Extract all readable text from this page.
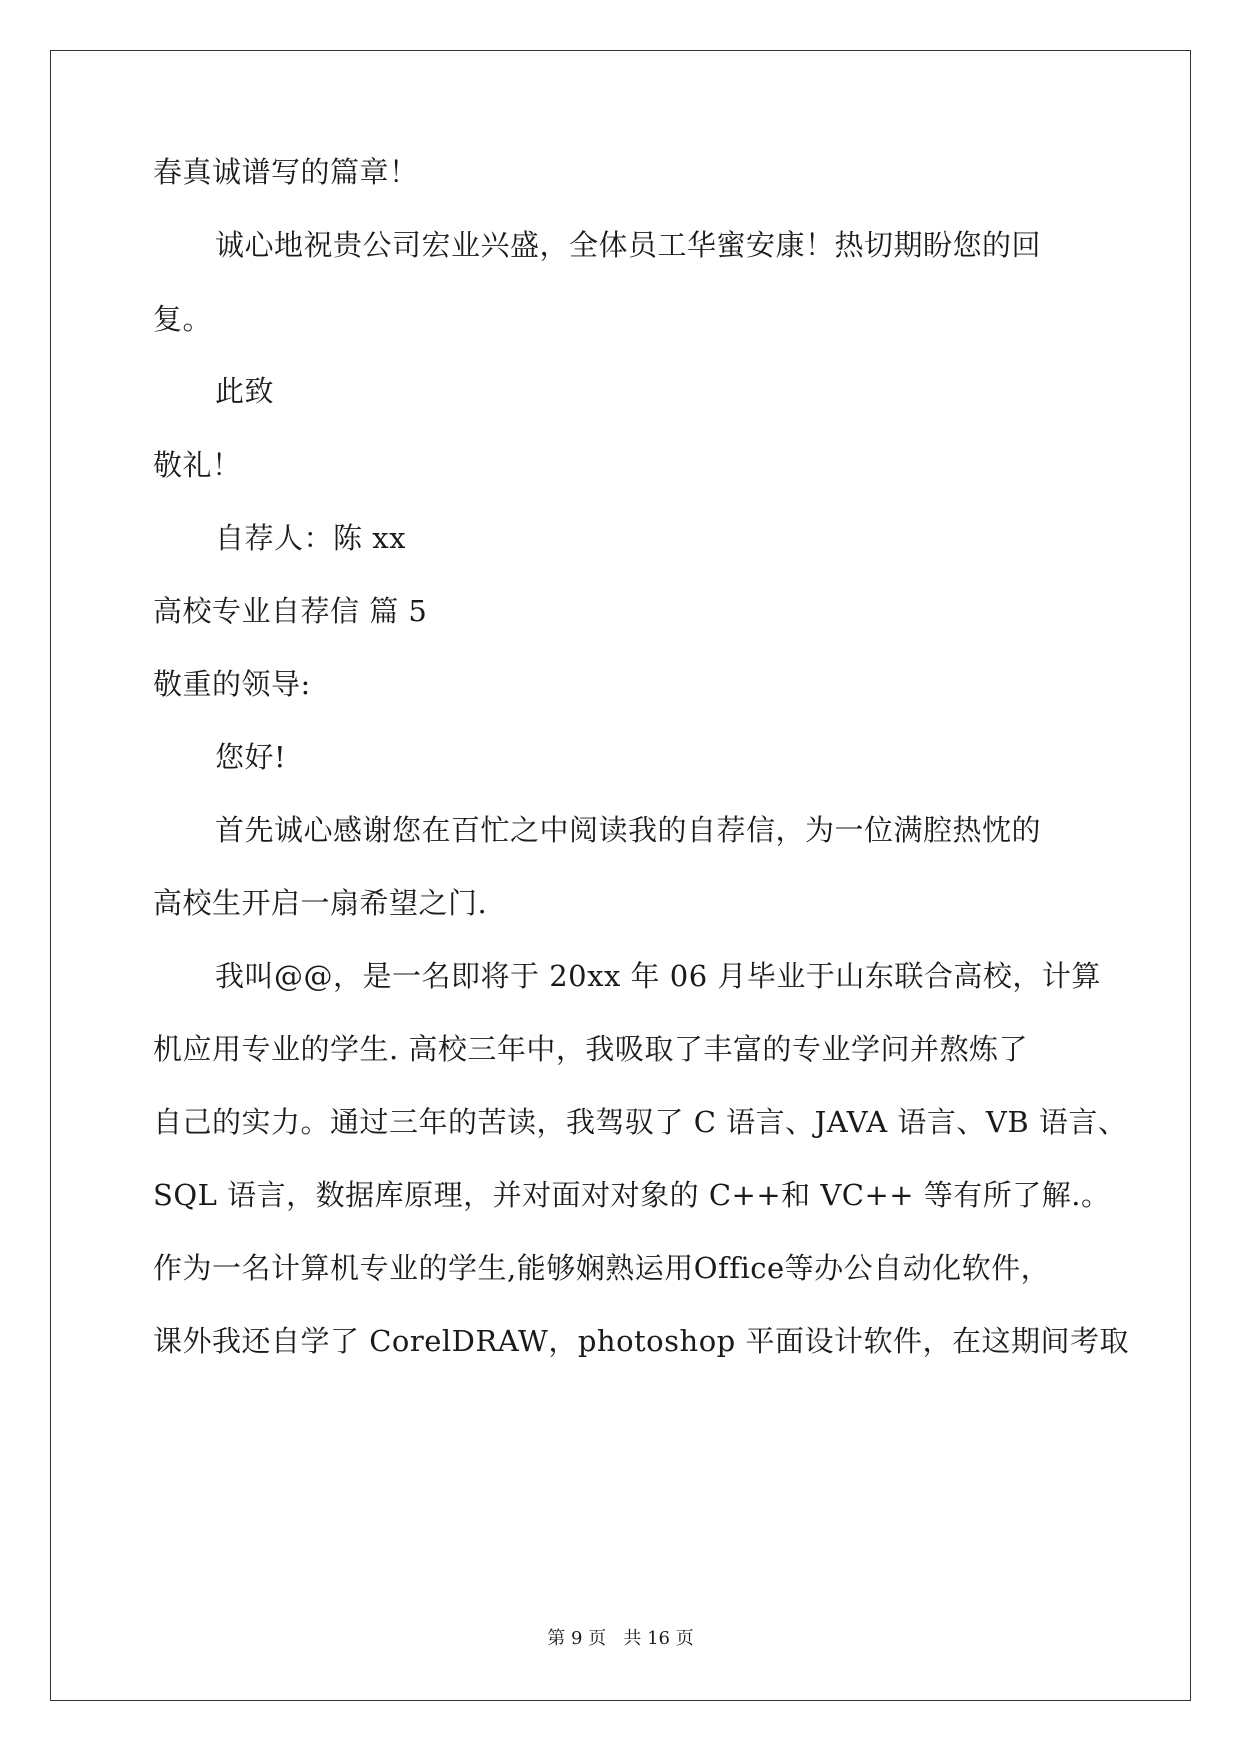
春真诚谱写的篇章！
诚心地祝贵公司宏业兴盛，全体员工华蜜安康！热切期盼您的回
复。
此致
敬礼！
自荐人：陈 xx
高校专业自荐信 篇 5
敬重的领导:
您好!
首先诚心感谢您在百忙之中阅读我的自荐信，为一位满腔热忱的
高校生开启一扇希望之门.
我叫@@，是一名即将于 20xx 年 06 月毕业于山东联合高校，计算
机应用专业的学生. 高校三年中，我吸取了丰富的专业学问并熬炼了
自己的实力。通过三年的苦读，我驾驭了 C 语言、JAVA 语言、VB 语言、
SQL 语言，数据库原理，并对面对对象的 C++和 VC++ 等有所了解.。
作为一名计算机专业的学生,能够娴熟运用Office等办公自动化软件，
课外我还自学了 CorelDRAW，photoshop 平面设计软件，在这期间考取
第 9 页   共 16 页
